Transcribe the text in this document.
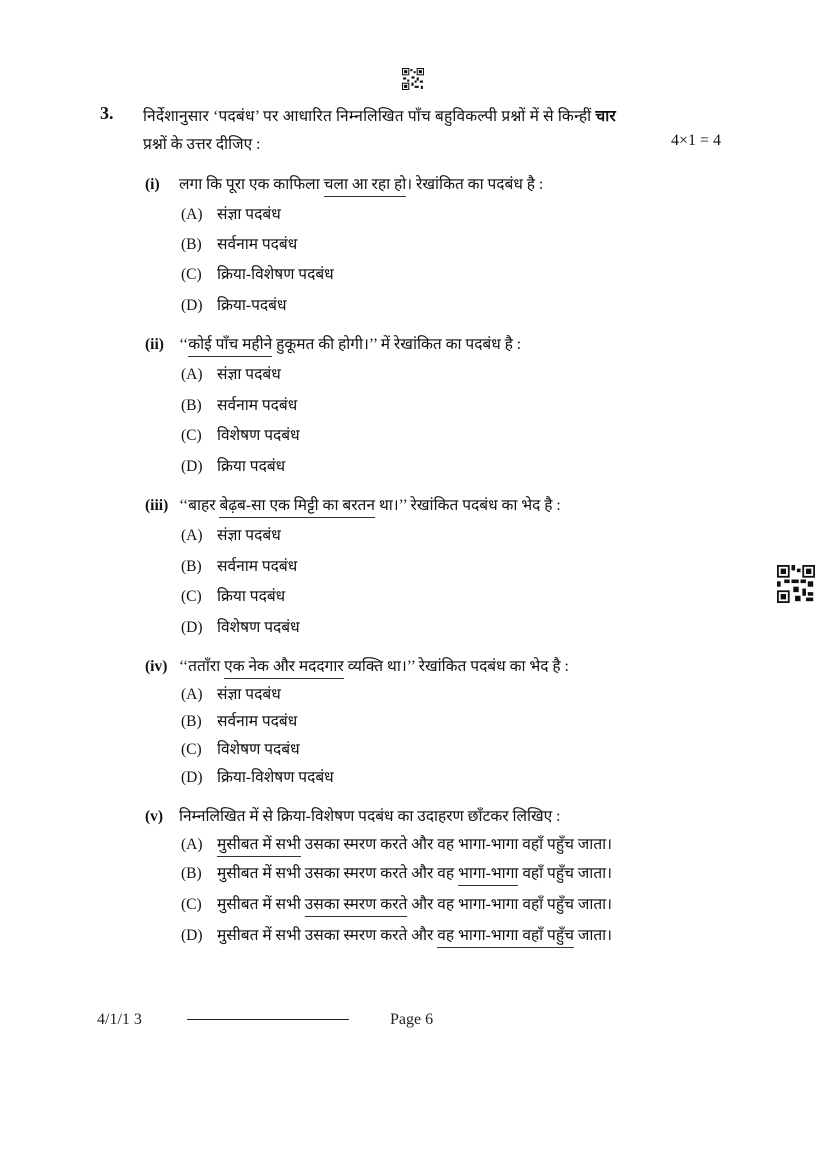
3. निर्देशानुसार ‘पदबंध’ पर आधारित निम्नलिखित पाँच बहुविकल्पी प्रश्नों में से किन्हीं चार
प्रश्नों के उत्तर दीजिए :	4×1 = 4
(i) लगा कि पूरा एक काफिला चला आ रहा हो। रेखांकित का पदबंध है :
(A) संज्ञा पदबंध
(B) सर्वनाम पदबंध
(C) क्रिया-विशेषण पदबंध
(D) क्रिया-पदबंध
(ii) ‘‘कोई पाँच महीने हुकूमत की होगी।’’ में रेखांकित का पदबंध है :
(A) संज्ञा पदबंध
(B) सर्वनाम पदबंध
(C) विशेषण पदबंध
(D) क्रिया पदबंध
(iii) ‘‘बाहर बेढ़ब-सा एक मिट्टी का बरतन था।’’ रेखांकित पदबंध का भेद है :
(A) संज्ञा पदबंध
(B) सर्वनाम पदबंध
(C) क्रिया पदबंध
(D) विशेषण पदबंध
(iv) ‘‘तताँरा एक नेक और मददगार व्यक्ति था।’’ रेखांकित पदबंध का भेद है :
(A) संज्ञा पदबंध
(B) सर्वनाम पदबंध
(C) विशेषण पदबंध
(D) क्रिया-विशेषण पदबंध
(v) निम्नलिखित में से क्रिया-विशेषण पदबंध का उदाहरण छाँटकर लिखिए :
(A) मुसीबत में सभी उसका स्मरण करते और वह भागा-भागा वहाँ पहुँच जाता।
(B) मुसीबत में सभी उसका स्मरण करते और वह भागा-भागा वहाँ पहुँच जाता।
(C) मुसीबत में सभी उसका स्मरण करते और वह भागा-भागा वहाँ पहुँच जाता।
(D) मुसीबत में सभी उसका स्मरण करते और वह भागा-भागा वहाँ पहुँच जाता।
4/1/1 3	Page 6
